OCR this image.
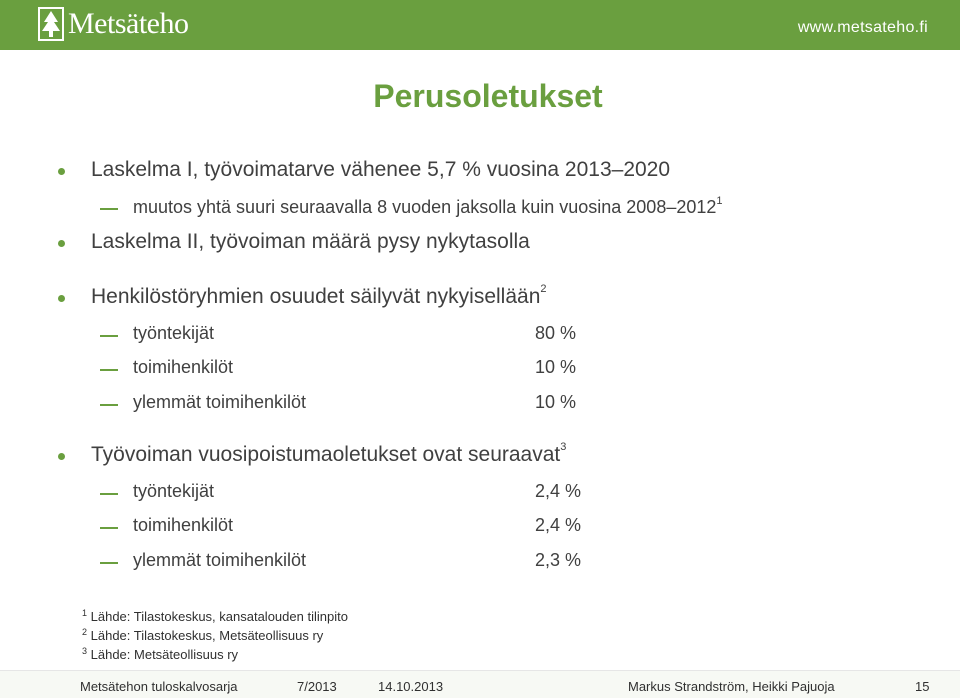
Metsäteho	www.metsateho.fi
Perusoletukset
Laskelma I, työvoimatarve vähenee 5,7 % vuosina 2013–2020
muutos yhtä suuri seuraavalla 8 vuoden jaksolla kuin vuosina 2008–2012$^1$
Laskelma II, työvoiman määrä pysy nykytasolla
Henkilöstöryhmien osuudet säilyvät nykyisellään$^2$
työntekijät	80 %
toimihenkilöt	10 %
ylemmät toimihenkilöt	10 %
Työvoiman vuosipoistumaoletukset ovat seuraavat$^3$
työntekijät	2,4 %
toimihenkilöt	2,4 %
ylemmät toimihenkilöt	2,3 %
$^1$ Lähde: Tilastokeskus, kansatalouden tilinpito
$^2$ Lähde: Tilastokeskus, Metsäteollisuus ry
$^3$ Lähde: Metsäteollisuus ry
Metsätehon tuloskalvosarja	7/2013	14.10.2013	Markus Strandström, Heikki Pajuoja	15
